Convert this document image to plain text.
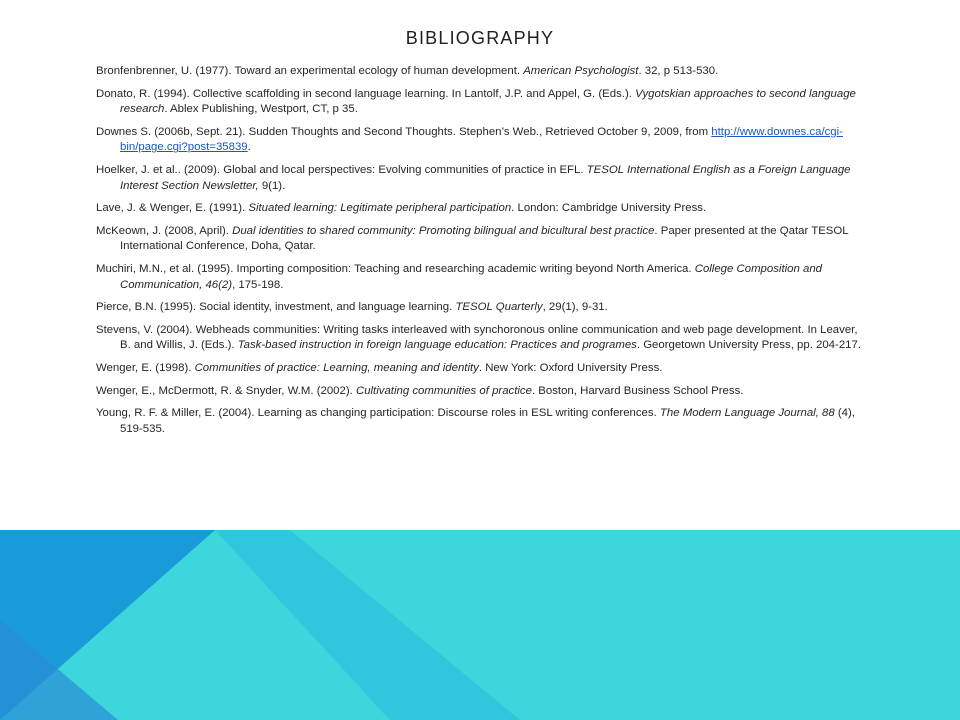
BIBLIOGRAPHY

Bronfenbrenner, U. (1977). Toward an experimental ecology of human development. American Psychologist. 32, p 513-530.

Donato, R. (1994). Collective scaffolding in second language learning. In Lantolf, J.P. and Appel, G. (Eds.). Vygotskian approaches to second language research. Ablex Publishing, Westport, CT, p 35.

Downes S. (2006b, Sept. 21). Sudden Thoughts and Second Thoughts. Stephen’s Web., Retrieved October 9, 2009, from http://www.downes.ca/cgi-bin/page.cgi?post=35839.

Hoelker, J. et al.. (2009). Global and local perspectives: Evolving communities of practice in EFL. TESOL International English as a Foreign Language Interest Section Newsletter, 9(1).

Lave, J. & Wenger, E. (1991). Situated learning: Legitimate peripheral participation. London: Cambridge University Press.

McKeown, J. (2008, April). Dual identities to shared community: Promoting bilingual and bicultural best practice. Paper presented at the Qatar TESOL International Conference, Doha, Qatar.

Muchiri, M.N., et al. (1995). Importing composition: Teaching and researching academic writing beyond North America. College Composition and Communication, 46(2), 175-198.

Pierce, B.N. (1995). Social identity, investment, and language learning. TESOL Quarterly, 29(1), 9-31.

Stevens, V. (2004). Webheads communities: Writing tasks interleaved with synchoronous online communication and web page development. In Leaver, B. and Willis, J. (Eds.). Task-based instruction in foreign language education: Practices and programes. Georgetown University Press, pp. 204-217.

Wenger, E. (1998). Communities of practice: Learning, meaning and identity. New York: Oxford University Press.

Wenger, E., McDermott, R. & Snyder, W.M. (2002). Cultivating communities of practice. Boston, Harvard Business School Press.

Young, R. F. & Miller, E. (2004). Learning as changing participation: Discourse roles in ESL writing conferences. The Modern Language Journal, 88 (4), 519-535.
